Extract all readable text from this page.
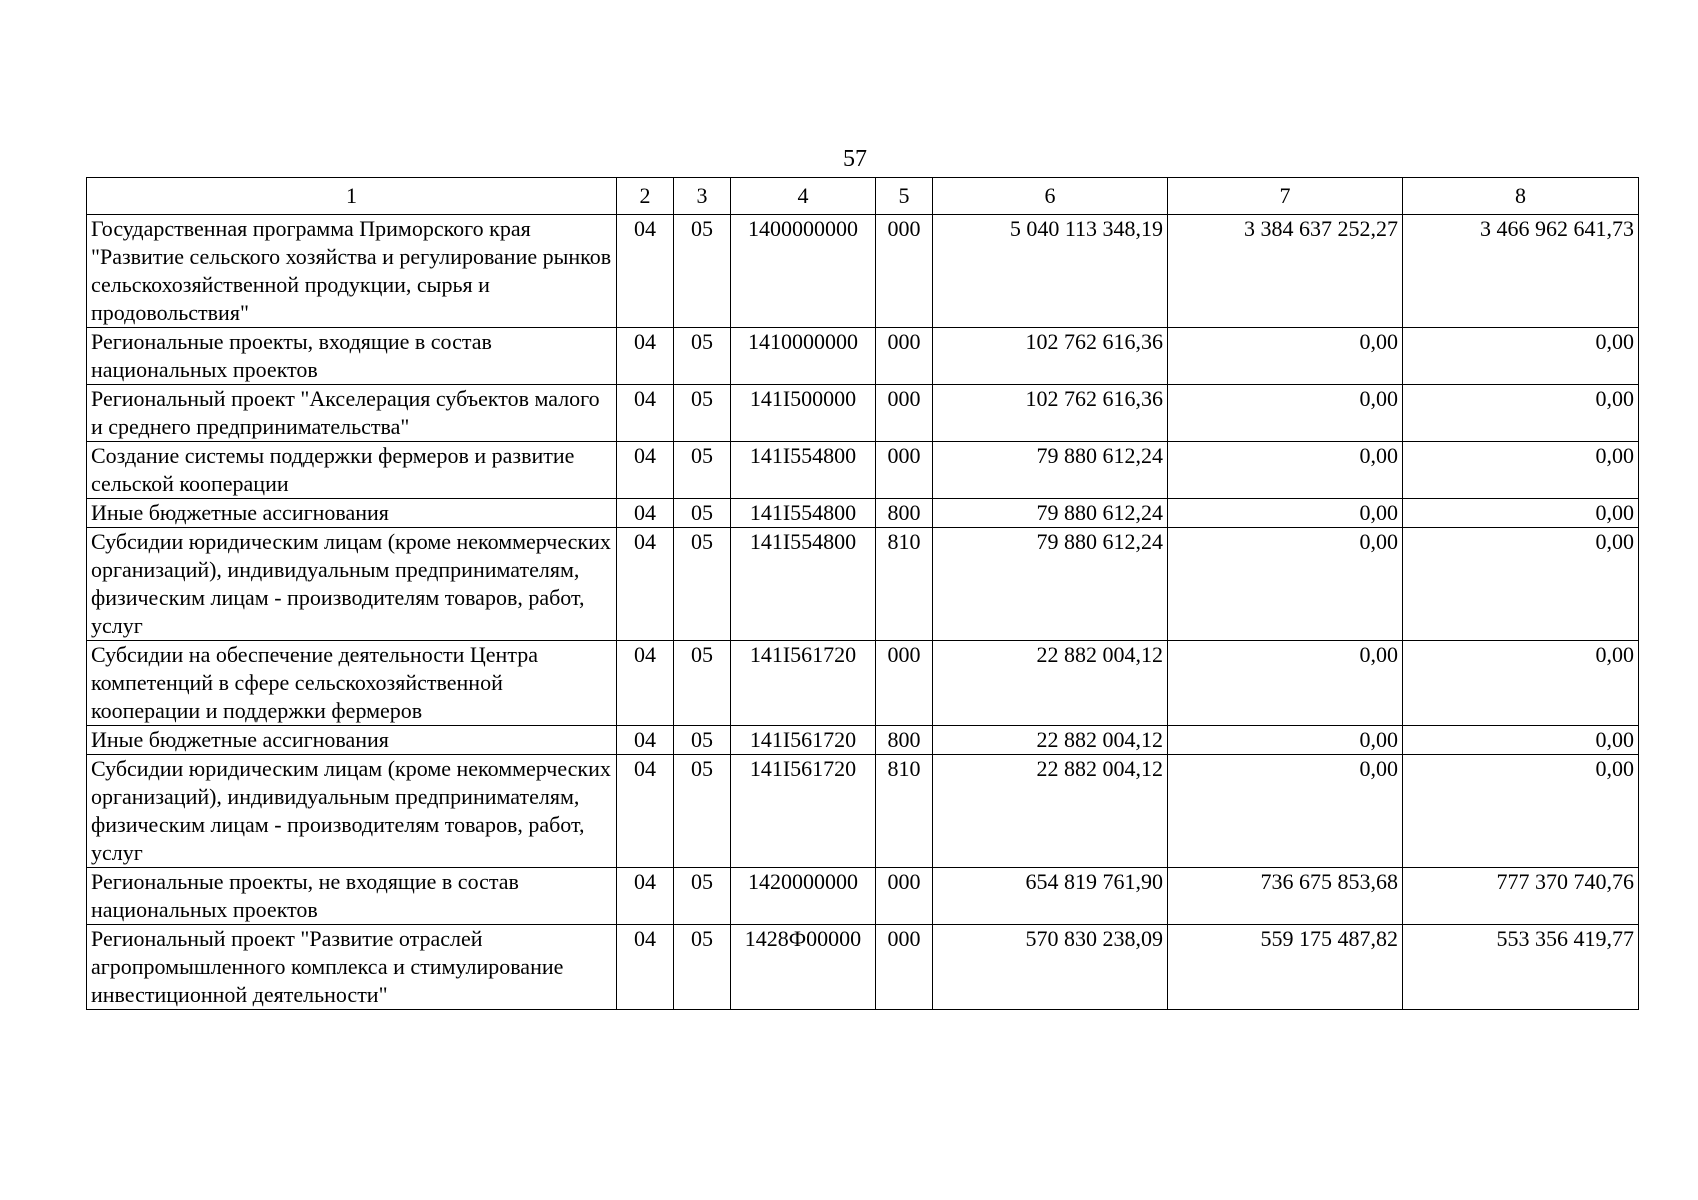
57
1	2	3	4	5	6	7	8
Государственная программа Приморского края "Развитие сельского хозяйства и регулирование рынков сельскохозяйственной продукции, сырья и продовольствия"	04	05	1400000000	000	5 040 113 348,19	3 384 637 252,27	3 466 962 641,73
Региональные проекты, входящие в состав национальных проектов	04	05	1410000000	000	102 762 616,36	0,00	0,00
Региональный проект "Акселерация субъектов малого и среднего предпринимательства"	04	05	141I500000	000	102 762 616,36	0,00	0,00
Создание системы поддержки фермеров и развитие сельской кооперации	04	05	141I554800	000	79 880 612,24	0,00	0,00
Иные бюджетные ассигнования	04	05	141I554800	800	79 880 612,24	0,00	0,00
Субсидии юридическим лицам (кроме некоммерческих организаций), индивидуальным предпринимателям, физическим лицам - производителям товаров, работ, услуг	04	05	141I554800	810	79 880 612,24	0,00	0,00
Субсидии на обеспечение деятельности Центра компетенций в сфере сельскохозяйственной кооперации и поддержки фермеров	04	05	141I561720	000	22 882 004,12	0,00	0,00
Иные бюджетные ассигнования	04	05	141I561720	800	22 882 004,12	0,00	0,00
Субсидии юридическим лицам (кроме некоммерческих организаций), индивидуальным предпринимателям, физическим лицам - производителям товаров, работ, услуг	04	05	141I561720	810	22 882 004,12	0,00	0,00
Региональные проекты, не входящие в состав национальных проектов	04	05	1420000000	000	654 819 761,90	736 675 853,68	777 370 740,76
Региональный проект "Развитие отраслей агропромышленного комплекса и стимулирование инвестиционной деятельности"	04	05	1428Ф00000	000	570 830 238,09	559 175 487,82	553 356 419,77
